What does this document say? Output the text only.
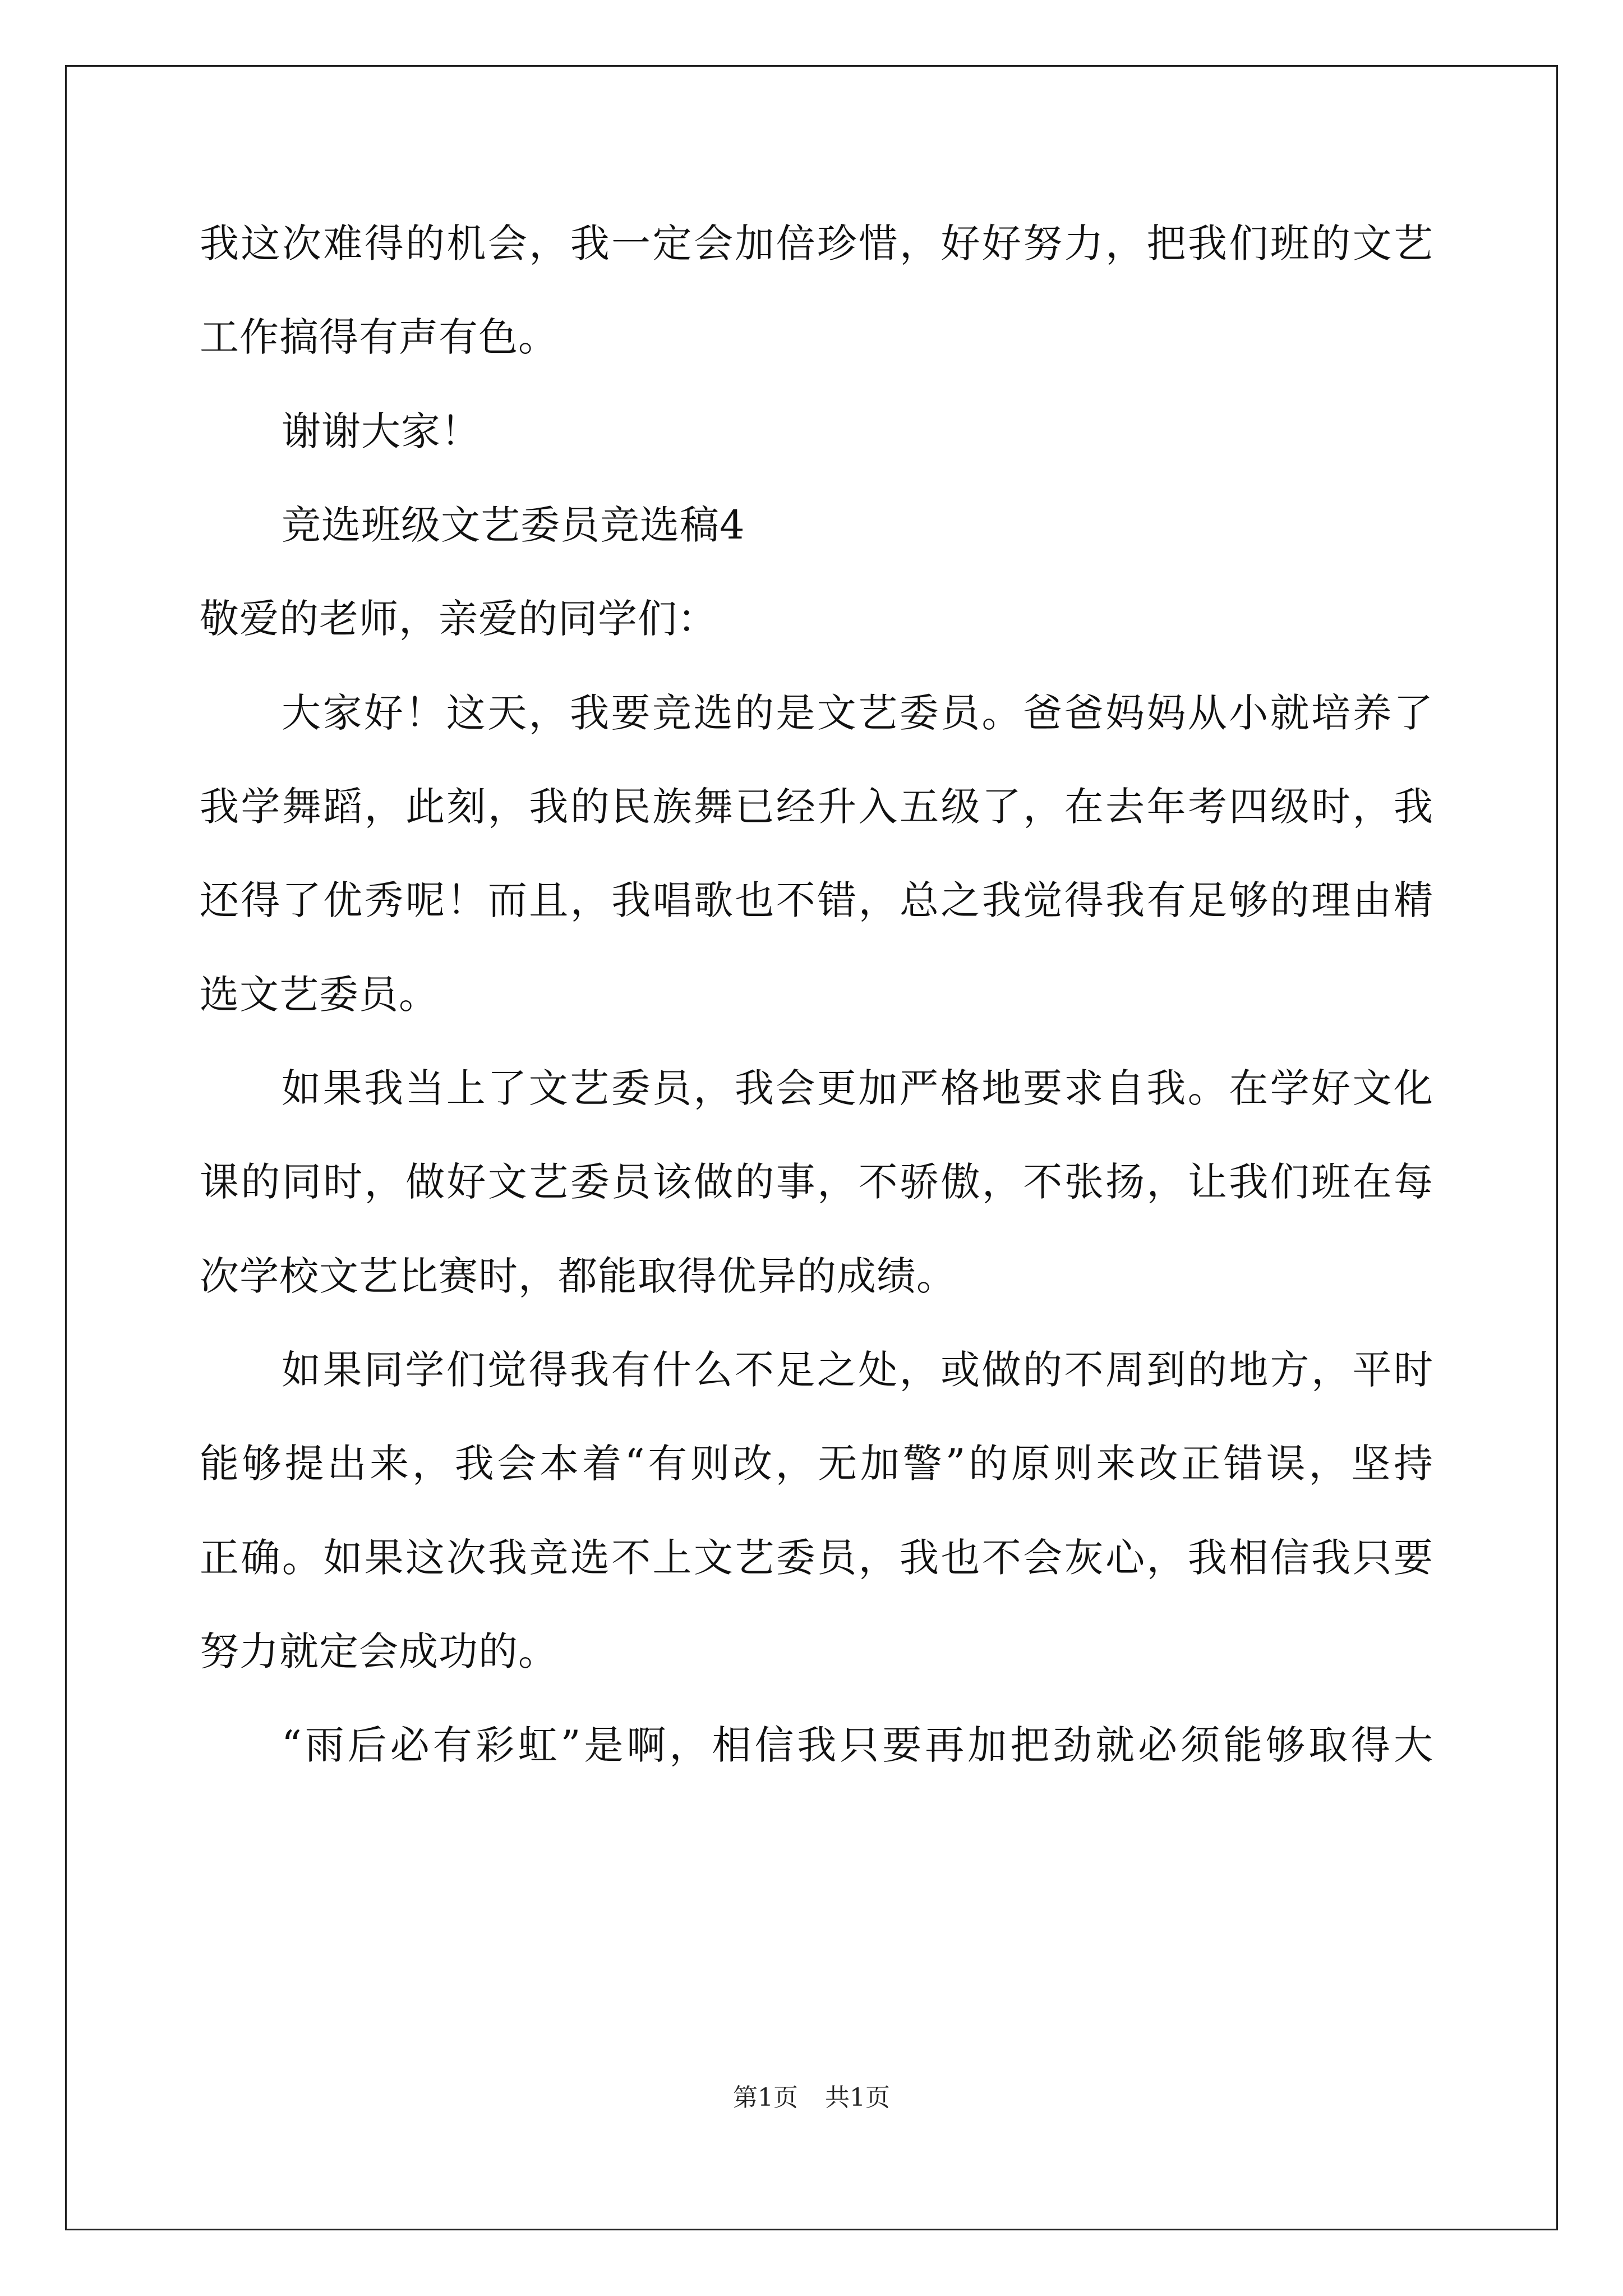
我这次难得的机会，我一定会加倍珍惜，好好努力，把我们班的文艺
工作搞得有声有色。
谢谢大家！
竞选班级文艺委员竞选稿4
敬爱的老师，亲爱的同学们：
大家好！这天，我要竞选的是文艺委员。爸爸妈妈从小就培养了
我学舞蹈，此刻，我的民族舞已经升入五级了，在去年考四级时，我
还得了优秀呢！而且，我唱歌也不错，总之我觉得我有足够的理由精
选文艺委员。
如果我当上了文艺委员，我会更加严格地要求自我。在学好文化
课的同时，做好文艺委员该做的事，不骄傲，不张扬，让我们班在每
次学校文艺比赛时，都能取得优异的成绩。
如果同学们觉得我有什么不足之处，或做的不周到的地方，平时
能够提出来，我会本着“有则改，无加警”的原则来改正错误，坚持
正确。如果这次我竞选不上文艺委员，我也不会灰心，我相信我只要
努力就定会成功的。
“雨后必有彩虹”是啊，相信我只要再加把劲就必须能够取得大
第1页 共1页
